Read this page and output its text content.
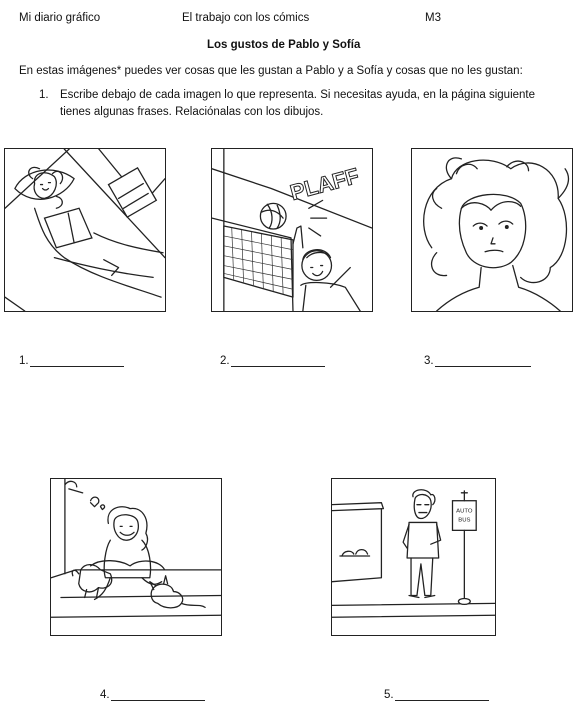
Mi diario gráfico	El trabajo con los cómics	M3
Los gustos de Pablo y Sofía
En estas imágenes* puedes ver cosas que les gustan a Pablo y a Sofía y cosas que no les gustan:
1. Escribe debajo de cada imagen lo que representa. Si necesitas ayuda, en la página siguiente
tienes algunas frases. Relaciónalas con los dibujos.
PLAFF
1.	2.	3.
AUTO
BUS
4.	5.
